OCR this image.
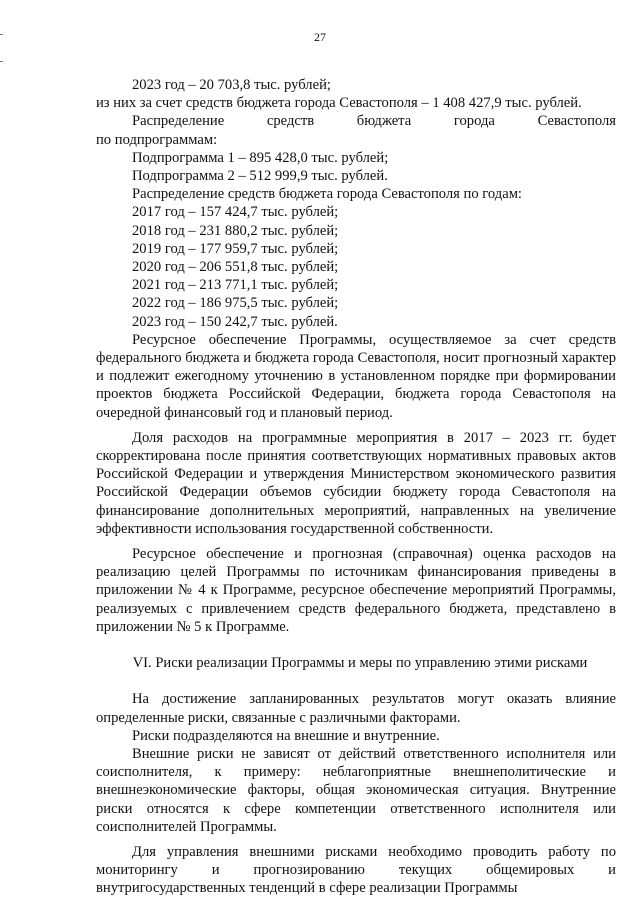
27
2023 год – 20 703,8 тыс. рублей;
из них за счет средств бюджета города Севастополя – 1 408 427,9 тыс. рублей.
Распределение средств бюджета города Севастополя
по подпрограммам:
Подпрограмма 1 – 895 428,0 тыс. рублей;
Подпрограмма 2 – 512 999,9 тыс. рублей.
Распределение средств бюджета города Севастополя по годам:
2017 год – 157 424,7 тыс. рублей;
2018 год – 231 880,2 тыс. рублей;
2019 год – 177 959,7 тыс. рублей;
2020 год – 206 551,8 тыс. рублей;
2021 год – 213 771,1 тыс. рублей;
2022 год – 186 975,5 тыс. рублей;
2023 год – 150 242,7 тыс. рублей.

Ресурсное обеспечение Программы, осуществляемое за счет средств федерального бюджета и бюджета города Севастополя, носит прогнозный характер и подлежит ежегодному уточнению в установленном порядке при формировании проектов бюджета Российской Федерации, бюджета города Севастополя на очередной финансовый год и плановый период.

Доля расходов на программные мероприятия в 2017 – 2023 гг. будет скорректирована после принятия соответствующих нормативных правовых актов Российской Федерации и утверждения Министерством экономического развития Российской Федерации объемов субсидии бюджету города Севастополя на финансирование дополнительных мероприятий, направленных на увеличение эффективности использования государственной собственности.

Ресурсное обеспечение и прогнозная (справочная) оценка расходов на реализацию целей Программы по источникам финансирования приведены в приложении № 4 к Программе, ресурсное обеспечение мероприятий Программы, реализуемых с привлечением средств федерального бюджета, представлено в приложении № 5 к Программе.

VI. Риски реализации Программы и меры по управлению этими рисками

На достижение запланированных результатов могут оказать влияние определенные риски, связанные с различными факторами.

Риски подразделяются на внешние и внутренние.

Внешние риски не зависят от действий ответственного исполнителя или соисполнителя, к примеру: неблагоприятные внешнеполитические и внешнеэкономические факторы, общая экономическая ситуация. Внутренние риски относятся к сфере компетенции ответственного исполнителя или соисполнителей Программы.

Для управления внешними рисками необходимо проводить работу по мониторингу и прогнозированию текущих общемировых и внутригосударственных тенденций в сфере реализации Программы
